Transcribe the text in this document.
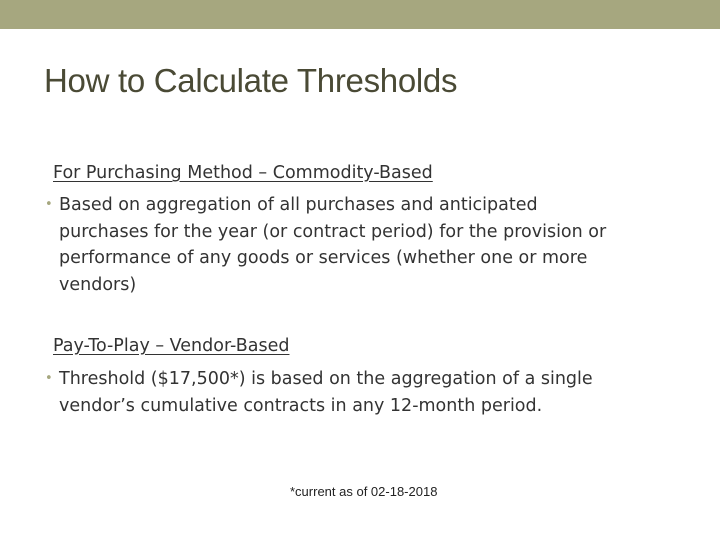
How to Calculate Thresholds
For Purchasing Method – Commodity-Based
• Based on aggregation of all purchases and anticipated
purchases for the year (or contract period) for the provision or
performance of any goods or services (whether one or more
vendors)
Pay-To-Play – Vendor-Based
• Threshold ($17,500*) is based on the aggregation of a single
vendor’s cumulative contracts in any 12-month period.
*current as of 02-18-2018
